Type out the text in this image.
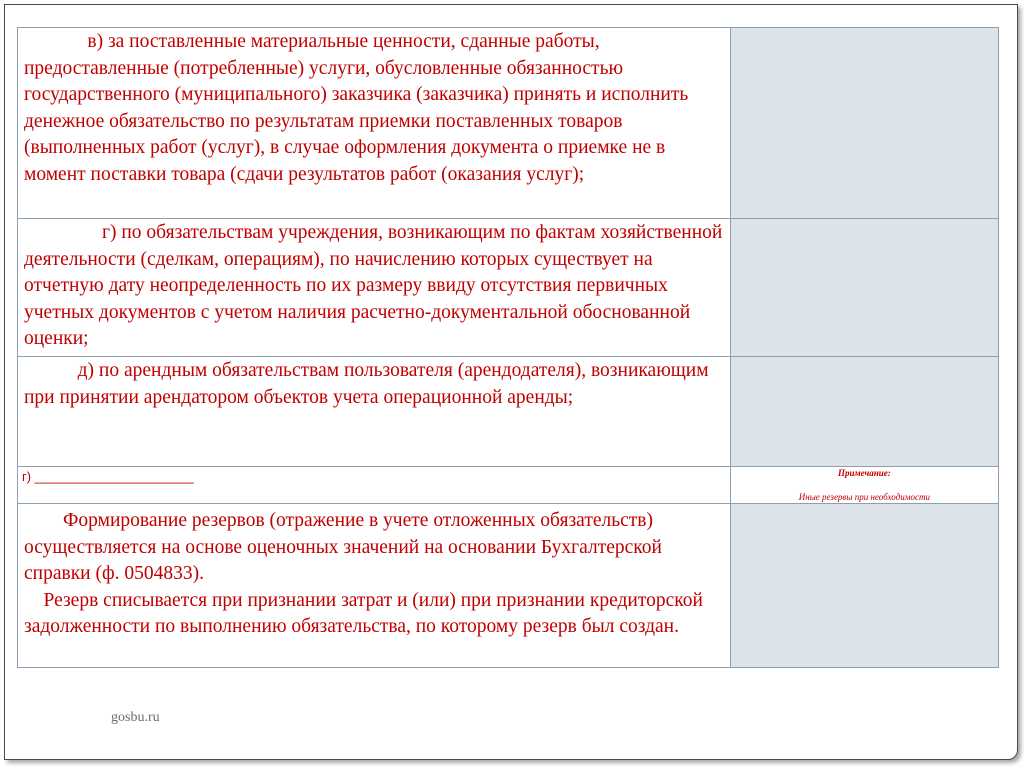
в) за поставленные материальные ценности, сданные работы, предоставленные (потребленные) услуги, обусловленные обязанностью государственного (муниципального) заказчика (заказчика) принять и исполнить денежное обязательство по результатам приемки поставленных товаров (выполненных работ (услуг), в случае оформления документа о приемке не в момент поставки товара (сдачи результатов работ (оказания услуг);	

г) по обязательствам учреждения, возникающим по фактам хозяйственной деятельности (сделкам, операциям), по начислению которых существует на отчетную дату неопределенность по их размеру ввиду отсутствия первичных учетных документов с учетом наличия расчетно-документальной обоснованной оценки;	

д) по арендным обязательствам пользователя (арендодателя), возникающим при принятии арендатором объектов учета операционной аренды;	

г) ______________________	Примечание:
Иные резервы при необходимости

Формирование резервов (отражение в учете отложенных обязательств) осуществляется на основе оценочных значений на основании Бухгалтерской справки (ф. 0504833).
Резерв списывается при признании затрат и (или) при признании кредиторской задолженности по выполнению обязательства, по которому резерв был создан.	

gosbu.ru
